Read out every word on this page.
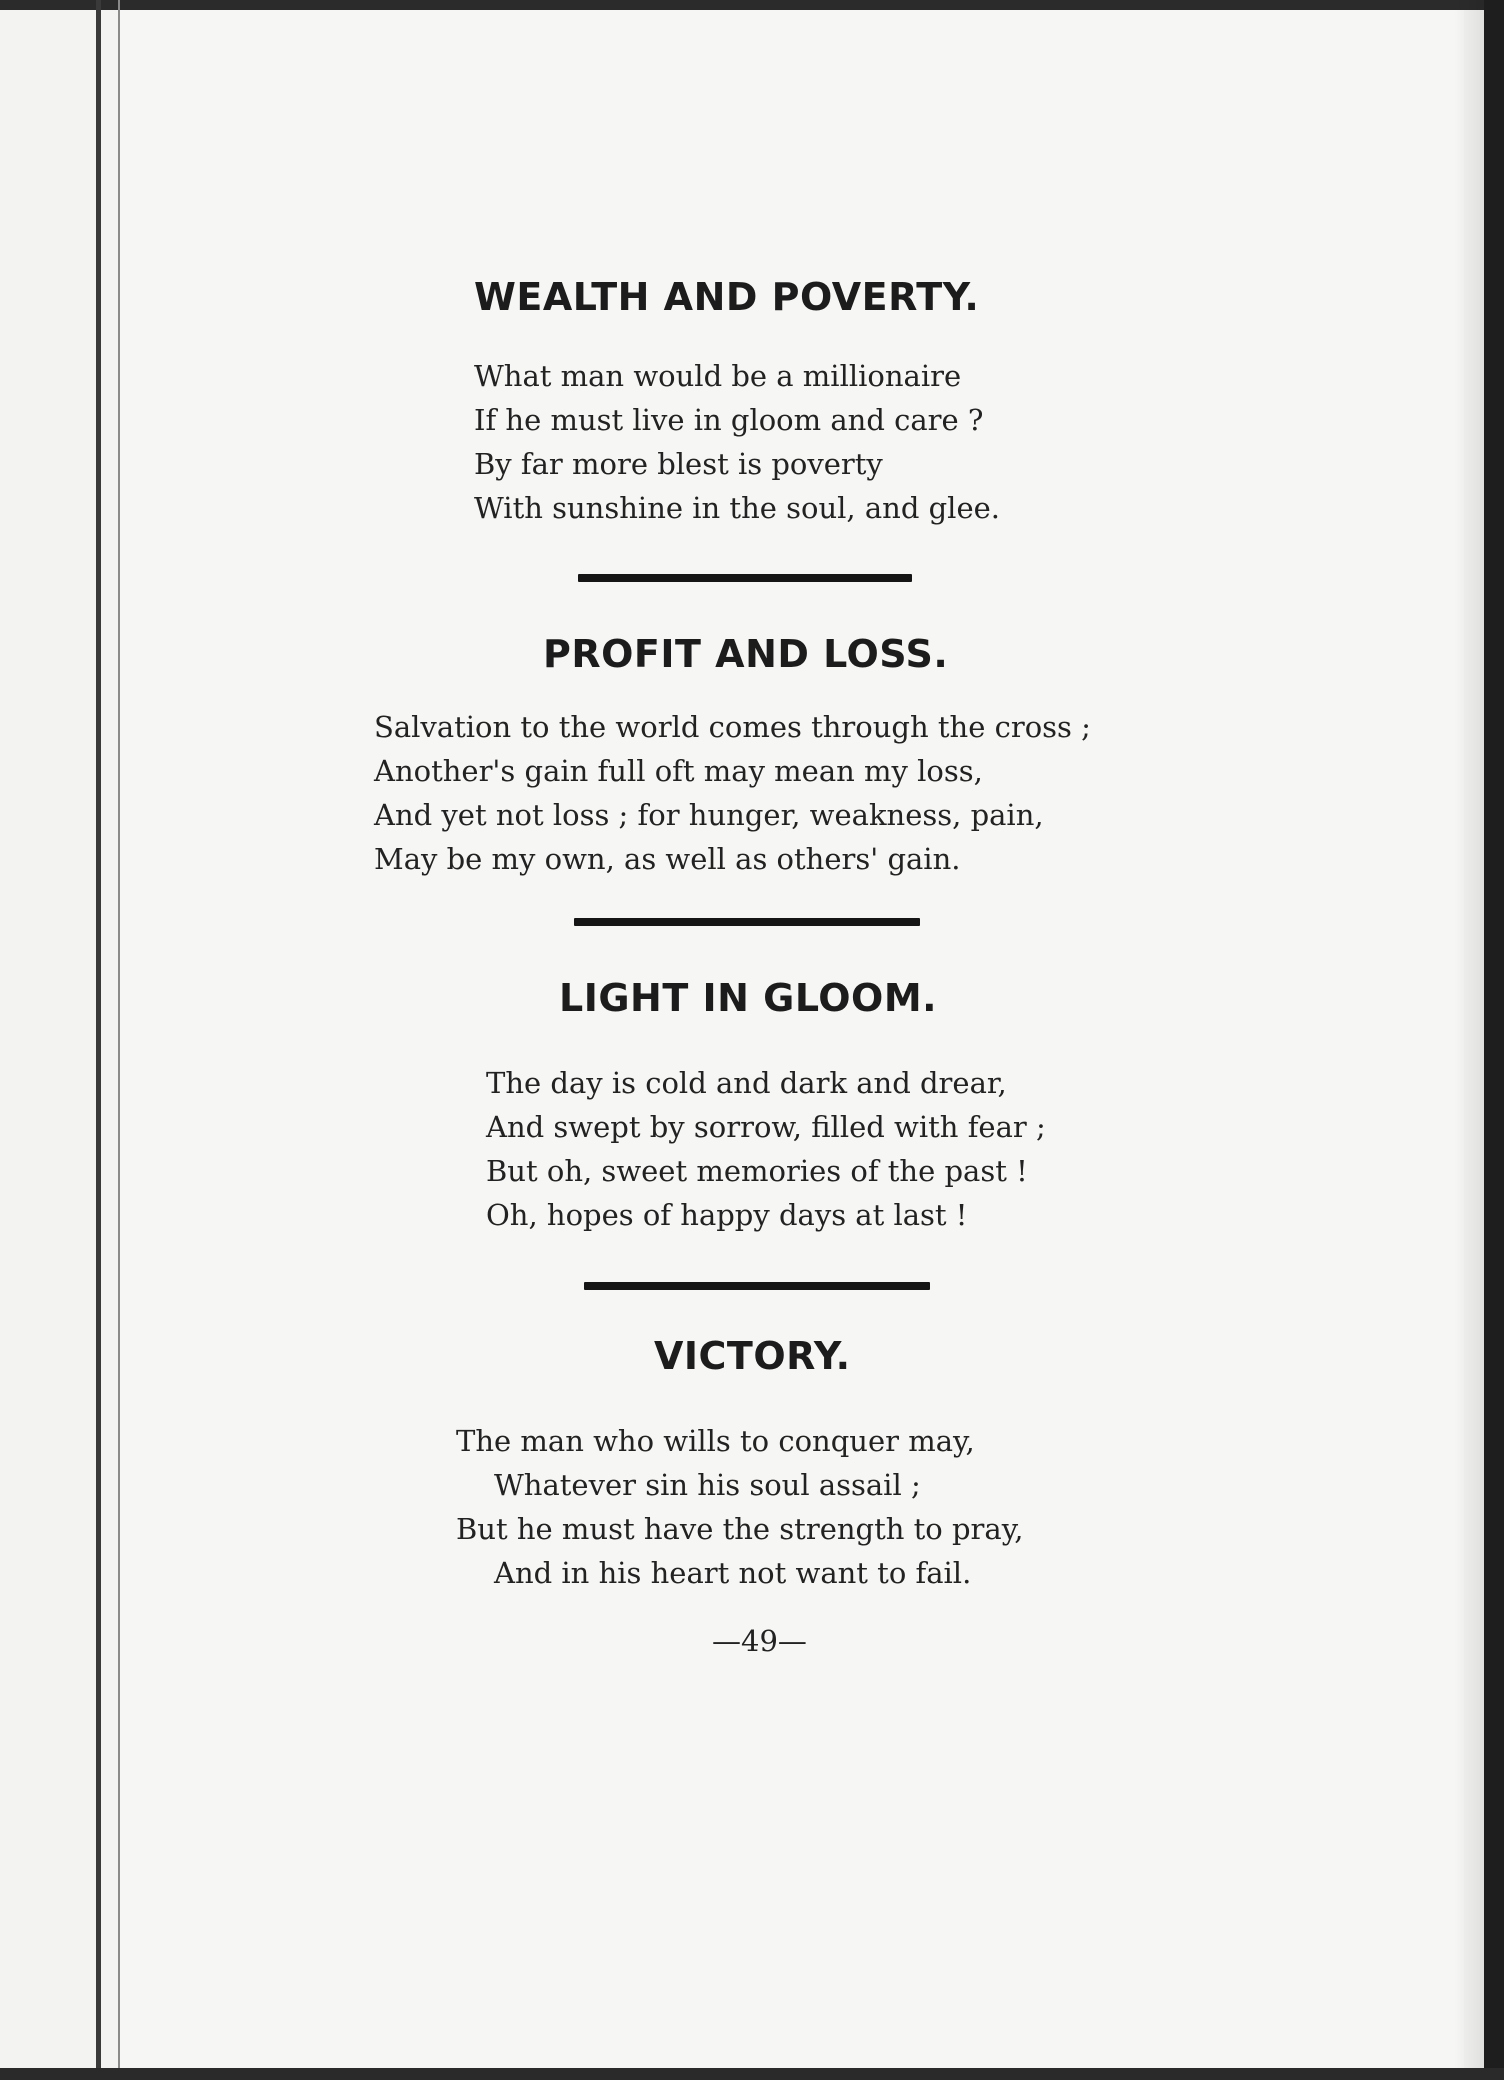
WEALTH AND POVERTY.
What man would be a millionaire
If he must live in gloom and care ?
By far more blest is poverty
With sunshine in the soul, and glee.
PROFIT AND LOSS.
Salvation to the world comes through the cross ;
Another's gain full oft may mean my loss,
And yet not loss ; for hunger, weakness, pain,
May be my own, as well as others' gain.
LIGHT IN GLOOM.
The day is cold and dark and drear,
And swept by sorrow, filled with fear ;
But oh, sweet memories of the past !
Oh, hopes of happy days at last !
VICTORY.
The man who wills to conquer may,
Whatever sin his soul assail ;
But he must have the strength to pray,
And in his heart not want to fail.
—49—
